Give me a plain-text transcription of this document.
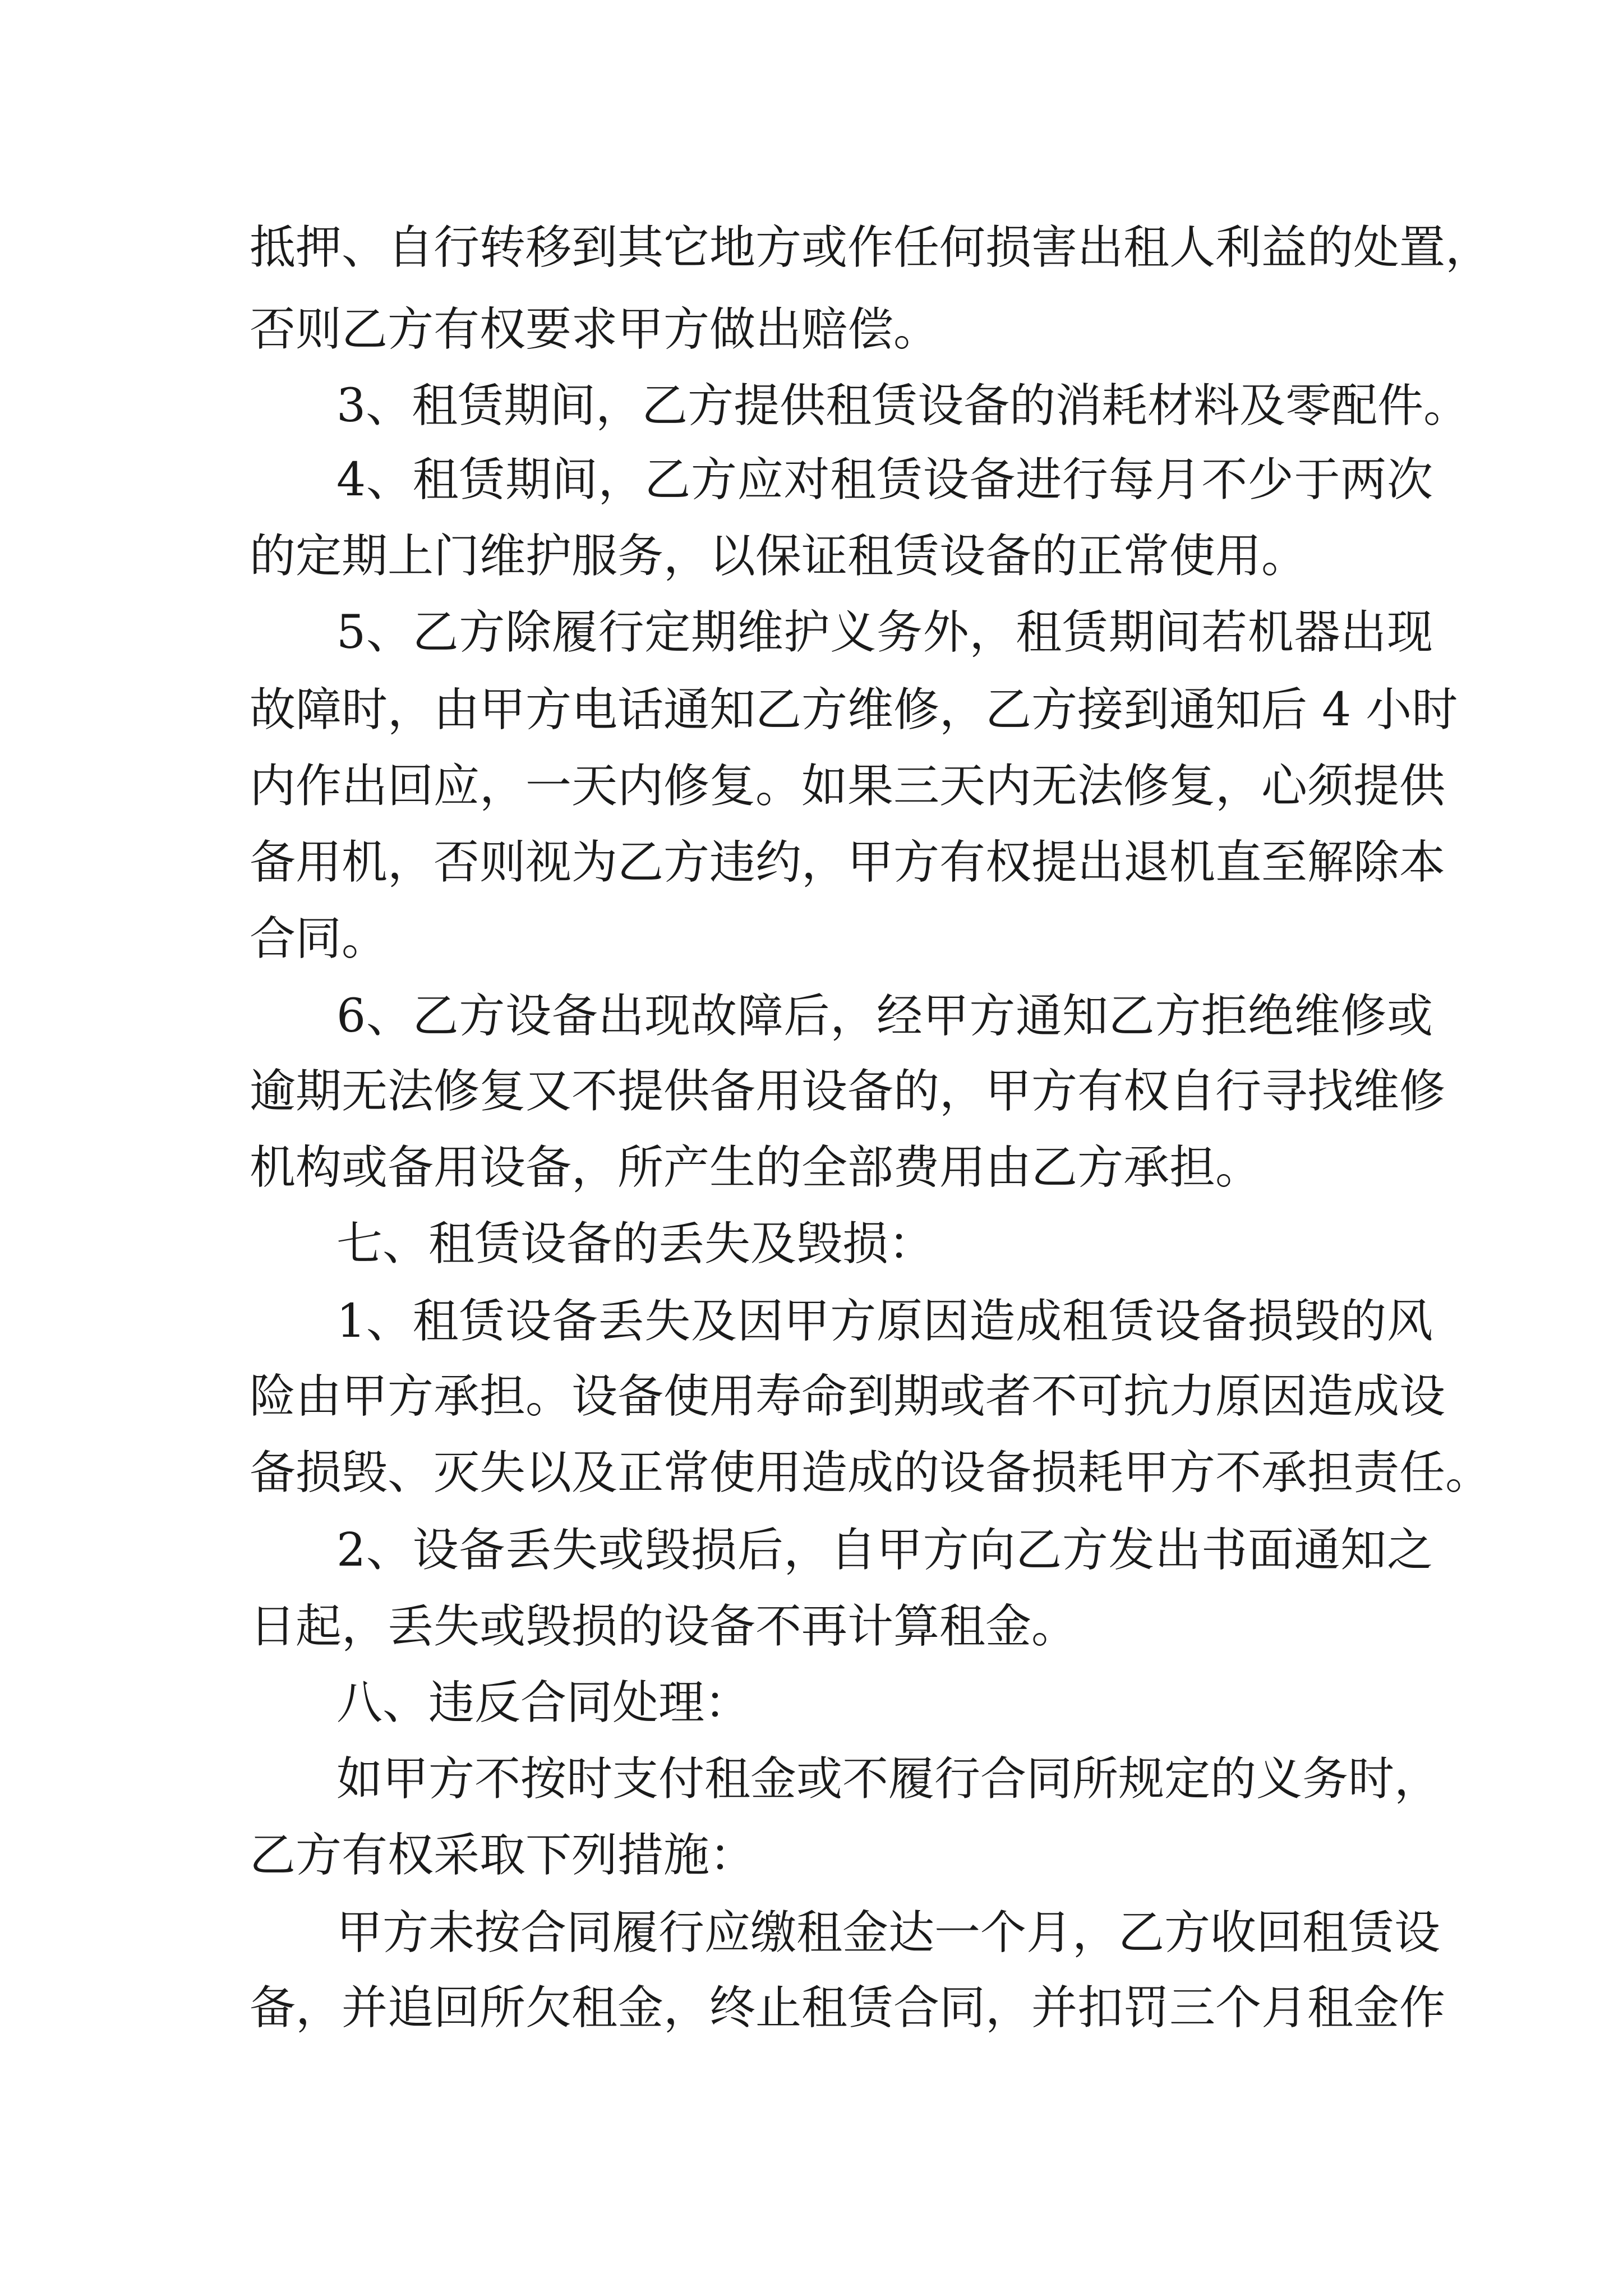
抵押、自行转移到其它地方或作任何损害出租人利益的处置，
否则乙方有权要求甲方做出赔偿。
3、租赁期间，乙方提供租赁设备的消耗材料及零配件。
4、租赁期间，乙方应对租赁设备进行每月不少于两次
的定期上门维护服务，以保证租赁设备的正常使用。
5、乙方除履行定期维护义务外，租赁期间若机器出现
故障时，由甲方电话通知乙方维修，乙方接到通知后 4 小时
内作出回应，一天内修复。如果三天内无法修复，心须提供
备用机，否则视为乙方违约，甲方有权提出退机直至解除本
合同。
6、乙方设备出现故障后，经甲方通知乙方拒绝维修或
逾期无法修复又不提供备用设备的，甲方有权自行寻找维修
机构或备用设备，所产生的全部费用由乙方承担。
七、租赁设备的丢失及毁损：
1、租赁设备丢失及因甲方原因造成租赁设备损毁的风
险由甲方承担。设备使用寿命到期或者不可抗力原因造成设
备损毁、灭失以及正常使用造成的设备损耗甲方不承担责任。
2、设备丢失或毁损后，自甲方向乙方发出书面通知之
日起，丢失或毁损的设备不再计算租金。
八、违反合同处理：
如甲方不按时支付租金或不履行合同所规定的义务时，
乙方有权采取下列措施：
甲方未按合同履行应缴租金达一个月，乙方收回租赁设
备，并追回所欠租金，终止租赁合同，并扣罚三个月租金作
